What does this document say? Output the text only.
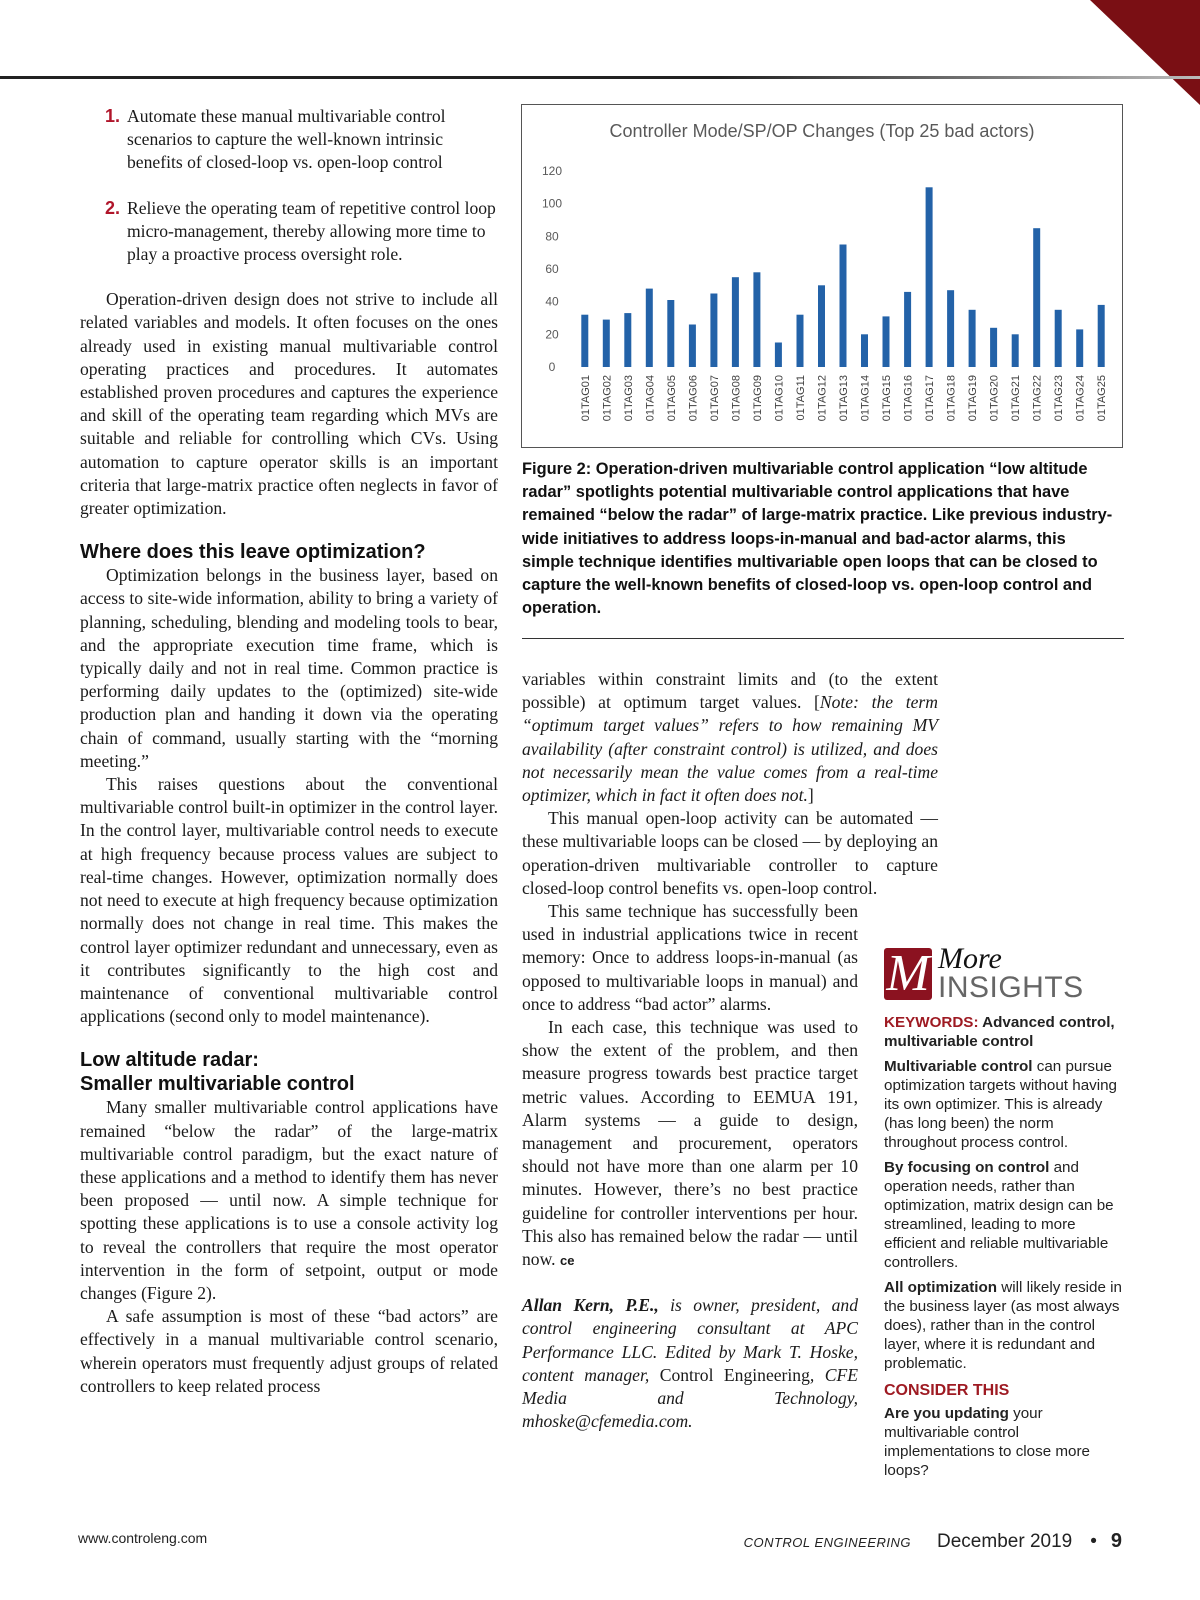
1. Automate these manual multivariable control scenarios to capture the well-known intrinsic benefits of closed-loop vs. open-loop control
2. Relieve the operating team of repetitive control loop micro-management, thereby allowing more time to play a proactive process oversight role.

Operation-driven design does not strive to include all related variables and models. It often focuses on the ones already used in existing manual multivariable control operating practices and procedures. It automates established proven procedures and captures the experience and skill of the operating team regarding which MVs are suitable and reliable for controlling which CVs. Using automation to capture operator skills is an important criteria that large-matrix practice often neglects in favor of greater optimization.

Where does this leave optimization?

Optimization belongs in the business layer, based on access to site-wide information, ability to bring a variety of planning, scheduling, blending and modeling tools to bear, and the appropriate execution time frame, which is typically daily and not in real time. Common practice is performing daily updates to the (optimized) site-wide production plan and handing it down via the operating chain of command, usually starting with the “morning meeting.”

This raises questions about the conventional multivariable control built-in optimizer in the control layer. In the control layer, multivariable control needs to execute at high frequency because process values are subject to real-time changes. However, optimization normally does not need to execute at high frequency because optimization normally does not change in real time. This makes the control layer optimizer redundant and unnecessary, even as it contributes significantly to the high cost and maintenance of conventional multivariable control applications (second only to model maintenance).

Low altitude radar:
Smaller multivariable control

Many smaller multivariable control applications have remained “below the radar” of the large-matrix multivariable control paradigm, but the exact nature of these applications and a method to identify them has never been proposed — until now. A simple technique for spotting these applications is to use a console activity log to reveal the controllers that require the most operator intervention in the form of setpoint, output or mode changes (Figure 2).

A safe assumption is most of these “bad actors” are effectively in a manual multivariable control scenario, wherein operators must frequently adjust groups of related controllers to keep related process

Controller Mode/SP/OP Changes (Top 25 bad actors)
0
20
40
60
80
100
120
01TAG01 01TAG02 01TAG03 01TAG04 01TAG05 01TAG06 01TAG07 01TAG08 01TAG09 01TAG10 01TAG11 01TAG12 01TAG13 01TAG14 01TAG15 01TAG16 01TAG17 01TAG18 01TAG19 01TAG20 01TAG21 01TAG22 01TAG23 01TAG24 01TAG25
Figure 2: Operation-driven multivariable control application “low altitude radar” spotlights potential multivariable control applications that have remained “below the radar” of large-matrix practice. Like previous industry-wide initiatives to address loops-in-manual and bad-actor alarms, this simple technique identifies multivariable open loops that can be closed to capture the well-known benefits of closed-loop vs. open-loop control and operation.

variables within constraint limits and (to the extent possible) at optimum target values. [Note: the term “optimum target values” refers to how remaining MV availability (after constraint control) is utilized, and does not necessarily mean the value comes from a real-time optimizer, which in fact it often does not.]

This manual open-loop activity can be automated — these multivariable loops can be closed — by deploying an operation-driven multivariable controller to capture closed-loop control benefits vs. open-loop control.

This same technique has successfully been used in industrial applications twice in recent memory: Once to address loops-in-manual (as opposed to multivariable loops in manual) and once to address “bad actor” alarms.

In each case, this technique was used to show the extent of the problem, and then measure progress towards best practice target metric values. According to EEMUA 191, Alarm systems — a guide to design, management and procurement, operators should not have more than one alarm per 10 minutes. However, there’s no best practice guideline for controller interventions per hour. This also has remained below the radar — until now. ce

Allan Kern, P.E., is owner, president, and control engineering consultant at APC Performance LLC. Edited by Mark T. Hoske, content manager, Control Engineering, CFE Media and Technology, mhoske@cfemedia.com.

M More
INSIGHTS

KEYWORDS: Advanced control, multivariable control

Multivariable control can pursue optimization targets without having its own optimizer. This is already (has long been) the norm throughout process control.

By focusing on control and operation needs, rather than optimization, matrix design can be streamlined, leading to more efficient and reliable multivariable controllers.

All optimization will likely reside in the business layer (as most always does), rather than in the control layer, where it is redundant and problematic.

CONSIDER THIS

Are you updating your multivariable control implementations to close more loops?

www.controleng.com	CONTROL ENGINEERING December 2019 • 9
